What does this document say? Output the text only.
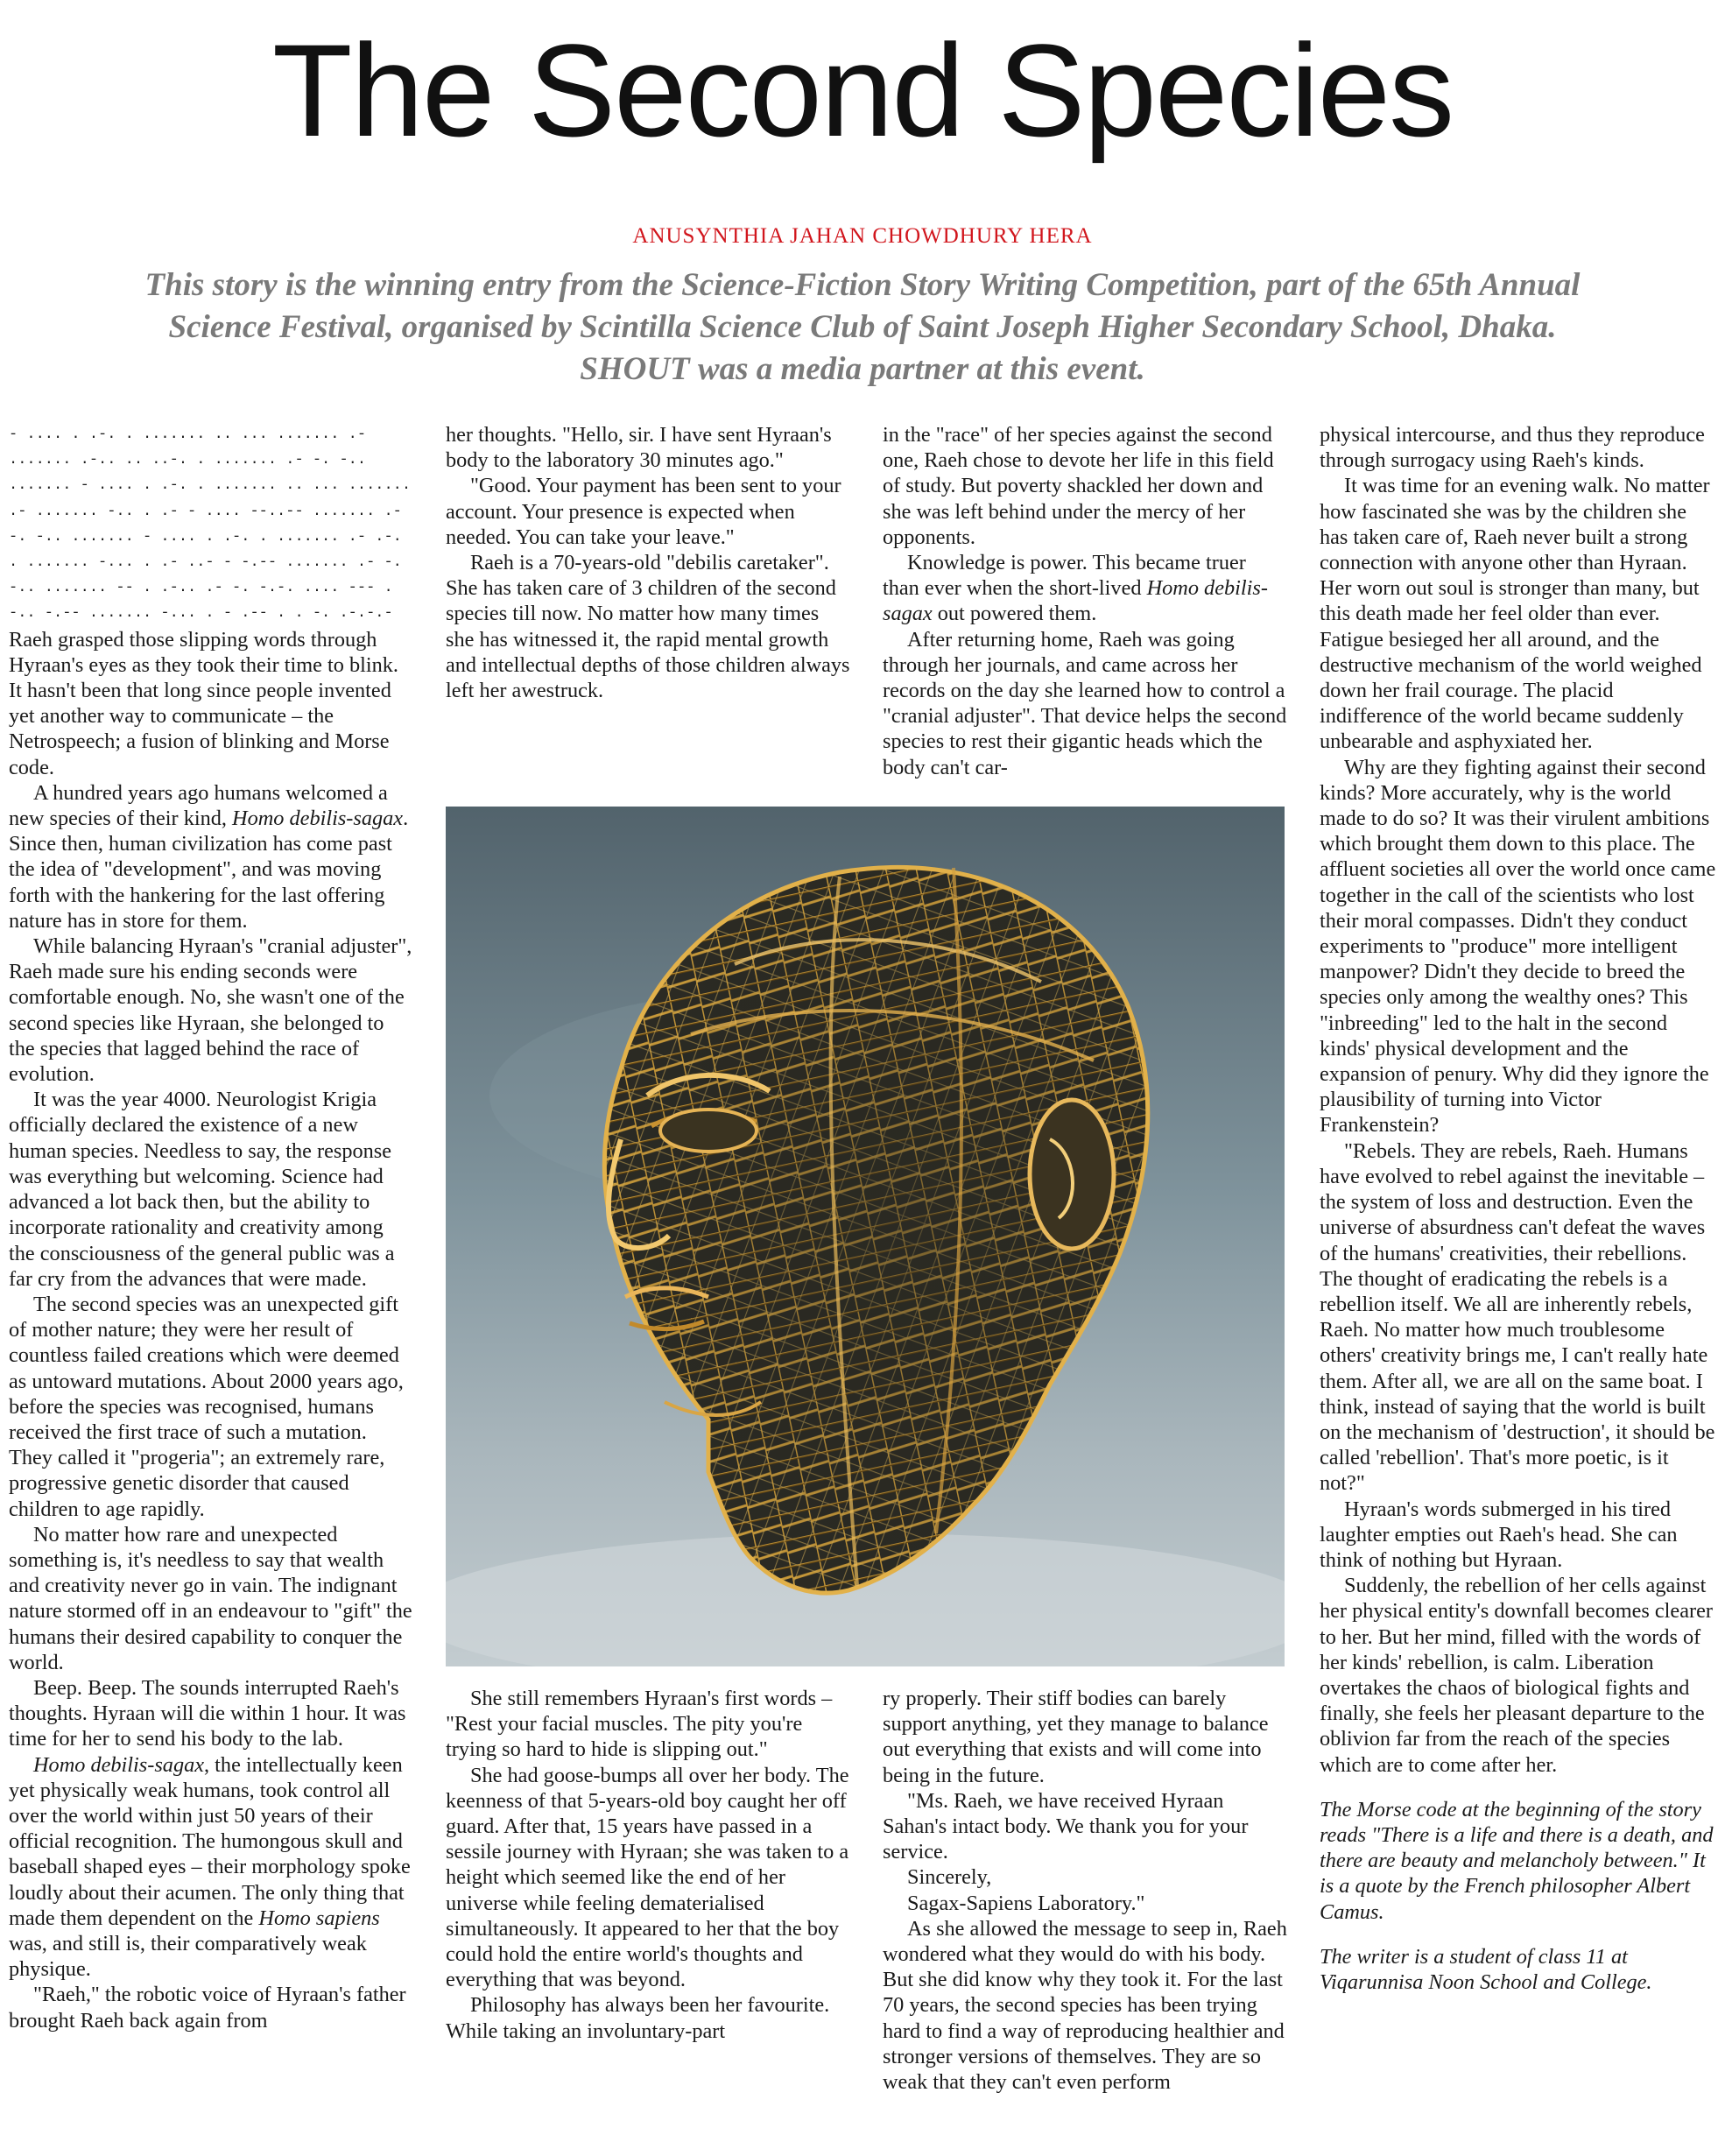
The Second Species
ANUSYNTHIA JAHAN CHOWDHURY HERA
This story is the winning entry from the Science-Fiction Story Writing Competition, part of the 65th Annual Science Festival, organised by Scintilla Science Club of Saint Joseph Higher Secondary School, Dhaka. SHOUT was a media partner at this event.

- .... . .-. . ....... .. ... ....... .- ....... .-.. .. ..-. . ....... .- -. -.. ....... - .... . .-. . ....... .. ... ....... .- ....... -.. . .- - .... --..-- ....... .- -. -.. ....... - .... . .-. . ....... .- .-. . ....... -... . .- ..- - -.-- ....... .- -. -.. ....... -- . .-.. .- -. -.-. .... --- .-.. -.-- ....... -... . - .-- . . -. .-.-.-

Raeh grasped those slipping words through Hyraan's eyes as they took their time to blink. It hasn't been that long since people invented yet another way to communicate – the Netrospeech; a fusion of blinking and Morse code.

A hundred years ago humans welcomed a new species of their kind, Homo debilis-sagax. Since then, human civilization has come past the idea of "development", and was moving forth with the hankering for the last offering nature has in store for them.

While balancing Hyraan's "cranial adjuster", Raeh made sure his ending seconds were comfortable enough. No, she wasn't one of the second species like Hyraan, she belonged to the species that lagged behind the race of evolution.

It was the year 4000. Neurologist Krigia officially declared the existence of a new human species. Needless to say, the response was everything but welcoming. Science had advanced a lot back then, but the ability to incorporate rationality and creativity among the consciousness of the general public was a far cry from the advances that were made.

The second species was an unexpected gift of mother nature; they were her result of countless failed creations which were deemed as untoward mutations. About 2000 years ago, before the species was recognised, humans received the first trace of such a mutation. They called it "progeria"; an extremely rare, progressive genetic disorder that caused children to age rapidly.

No matter how rare and unexpected something is, it's needless to say that wealth and creativity never go in vain. The indignant nature stormed off in an endeavour to "gift" the humans their desired capability to conquer the world.

Beep. Beep. The sounds interrupted Raeh's thoughts. Hyraan will die within 1 hour. It was time for her to send his body to the lab.

Homo debilis-sagax, the intellectually keen yet physically weak humans, took control all over the world within just 50 years of their official recognition. The humongous skull and baseball shaped eyes – their morphology spoke loudly about their acumen. The only thing that made them dependent on the Homo sapiens was, and still is, their comparatively weak physique.

"Raeh," the robotic voice of Hyraan's father brought Raeh back again from

her thoughts. "Hello, sir. I have sent Hyraan's body to the laboratory 30 minutes ago."

"Good. Your payment has been sent to your account. Your presence is expected when needed. You can take your leave."

Raeh is a 70-years-old "debilis caretaker". She has taken care of 3 children of the second species till now. No matter how many times she has witnessed it, the rapid mental growth and intellectual depths of those children always left her awestruck.

in the "race" of her species against the second one, Raeh chose to devote her life in this field of study. But poverty shackled her down and she was left behind under the mercy of her opponents.

Knowledge is power. This became truer than ever when the short-lived Homo debilis-sagax out powered them.

After returning home, Raeh was going through her journals, and came across her records on the day she learned how to control a "cranial adjuster". That device helps the second species to rest their gigantic heads which the body can't car-

She still remembers Hyraan's first words – "Rest your facial muscles. The pity you're trying so hard to hide is slipping out."

She had goose-bumps all over her body. The keenness of that 5-years-old boy caught her off guard. After that, 15 years have passed in a sessile journey with Hyraan; she was taken to a height which seemed like the end of her universe while feeling dematerialised simultaneously. It appeared to her that the boy could hold the entire world's thoughts and everything that was beyond.

Philosophy has always been her favourite. While taking an involuntary-part

ry properly. Their stiff bodies can barely support anything, yet they manage to balance out everything that exists and will come into being in the future.

"Ms. Raeh, we have received Hyraan Sahan's intact body. We thank you for your service.

Sincerely,

Sagax-Sapiens Laboratory."

As she allowed the message to seep in, Raeh wondered what they would do with his body. But she did know why they took it. For the last 70 years, the second species has been trying hard to find a way of reproducing healthier and stronger versions of themselves. They are so weak that they can't even perform

physical intercourse, and thus they reproduce through surrogacy using Raeh's kinds.

It was time for an evening walk. No matter how fascinated she was by the children she has taken care of, Raeh never built a strong connection with anyone other than Hyraan. Her worn out soul is stronger than many, but this death made her feel older than ever. Fatigue besieged her all around, and the destructive mechanism of the world weighed down her frail courage. The placid indifference of the world became suddenly unbearable and asphyxiated her.

Why are they fighting against their second kinds? More accurately, why is the world made to do so? It was their virulent ambitions which brought them down to this place. The affluent societies all over the world once came together in the call of the scientists who lost their moral compasses. Didn't they conduct experiments to "produce" more intelligent manpower? Didn't they decide to breed the species only among the wealthy ones? This "inbreeding" led to the halt in the second kinds' physical development and the expansion of penury. Why did they ignore the plausibility of turning into Victor Frankenstein?

"Rebels. They are rebels, Raeh. Humans have evolved to rebel against the inevitable – the system of loss and destruction. Even the universe of absurdness can't defeat the waves of the humans' creativities, their rebellions. The thought of eradicating the rebels is a rebellion itself. We all are inherently rebels, Raeh. No matter how much troublesome others' creativity brings me, I can't really hate them. After all, we are all on the same boat. I think, instead of saying that the world is built on the mechanism of 'destruction', it should be called 'rebellion'. That's more poetic, is it not?"

Hyraan's words submerged in his tired laughter empties out Raeh's head. She can think of nothing but Hyraan.

Suddenly, the rebellion of her cells against her physical entity's downfall becomes clearer to her. But her mind, filled with the words of her kinds' rebellion, is calm. Liberation overtakes the chaos of biological fights and finally, she feels her pleasant departure to the oblivion far from the reach of the species which are to come after her.

The Morse code at the beginning of the story reads "There is a life and there is a death, and there are beauty and melancholy between." It is a quote by the French philosopher Albert Camus.

The writer is a student of class 11 at Viqarunnisa Noon School and College.
